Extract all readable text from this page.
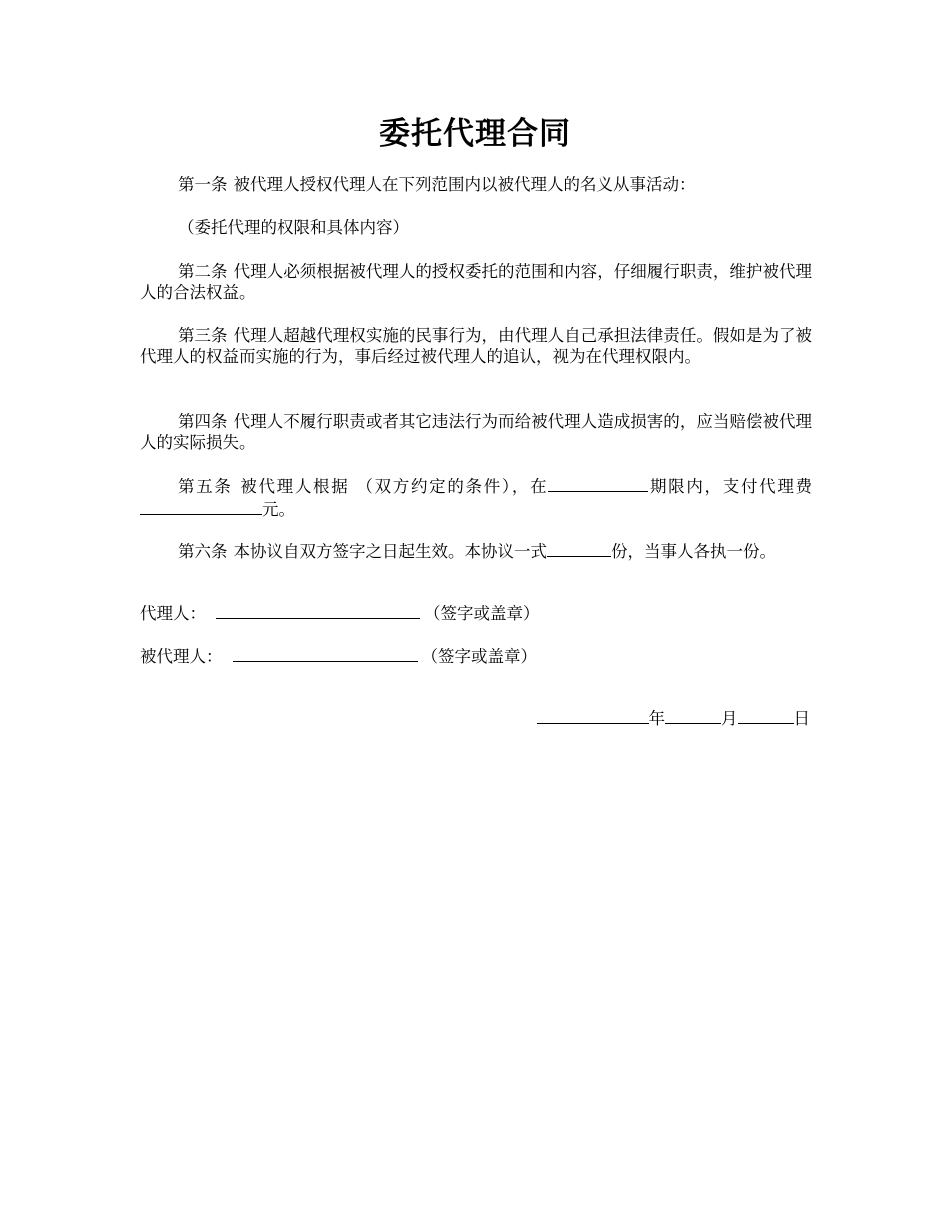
委托代理合同

第一条 被代理人授权代理人在下列范围内以被代理人的名义从事活动：

（委托代理的权限和具体内容）

第二条 代理人必须根据被代理人的授权委托的范围和内容，仔细履行职责，维护被代理人的合法权益。

第三条 代理人超越代理权实施的民事行为，由代理人自己承担法律责任。假如是为了被代理人的权益而实施的行为，事后经过被代理人的追认，视为在代理权限内。

第四条 代理人不履行职责或者其它违法行为而给被代理人造成损害的，应当赔偿被代理人的实际损失。

第五条 被代理人根据 （双方约定的条件），在	期限内，支付代理费元。

第六条 本协议自双方签字之日起生效。本协议一式	份，当事人各执一份。

代理人：	（签字或盖章）
被代理人：	（签字或盖章）
年	月	日
